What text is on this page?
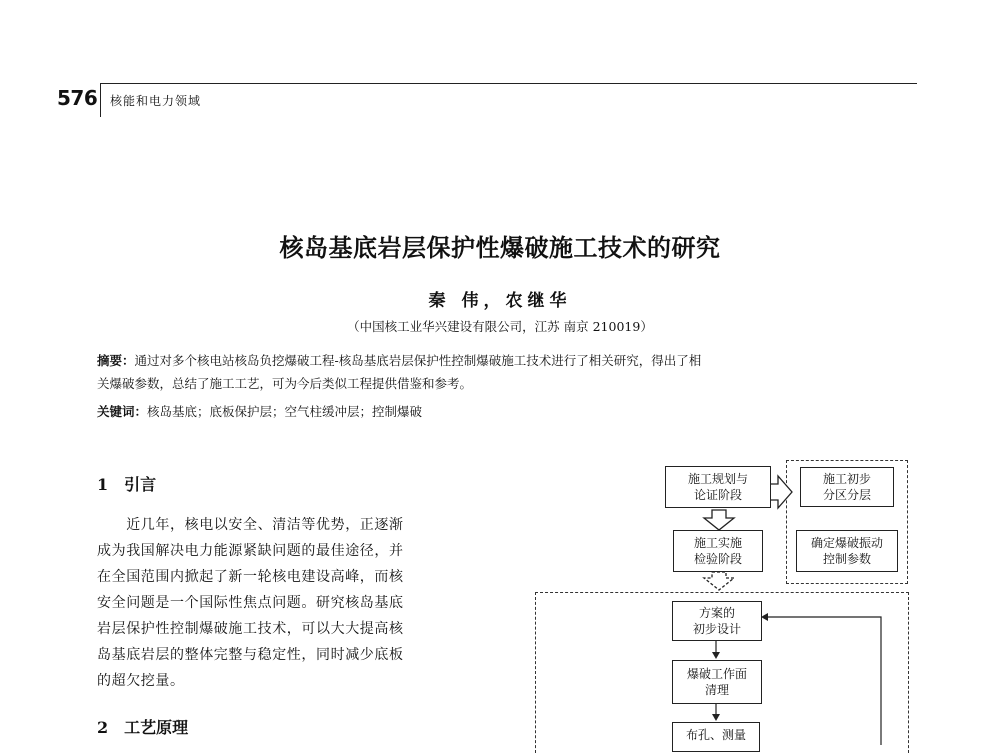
576 核能和电力领域
核岛基底岩层保护性爆破施工技术的研究
秦 伟，农继华
（中国核工业华兴建设有限公司，江苏 南京 210019）
摘要：通过对多个核电站核岛负挖爆破工程-核岛基底岩层保护性控制爆破施工技术进行了相关研究，得出了相
关爆破参数，总结了施工工艺，可为今后类似工程提供借鉴和参考。
关键词：核岛基底；底板保护层；空气柱缓冲层；控制爆破
1 引言
　　近几年，核电以安全、清洁等优势，正逐渐
成为我国解决电力能源紧缺问题的最佳途径，并
在全国范围内掀起了新一轮核电建设高峰，而核
安全问题是一个国际性焦点问题。研究核岛基底
岩层保护性控制爆破施工技术，可以大大提高核
岛基底岩层的整体完整与稳定性，同时减少底板
的超欠挖量。
2 工艺原理
施工规划与
论证阶段
施工实施
检验阶段
施工初步
分区分层
确定爆破振动
控制参数
方案的
初步设计
爆破工作面
清理
布孔、测量
